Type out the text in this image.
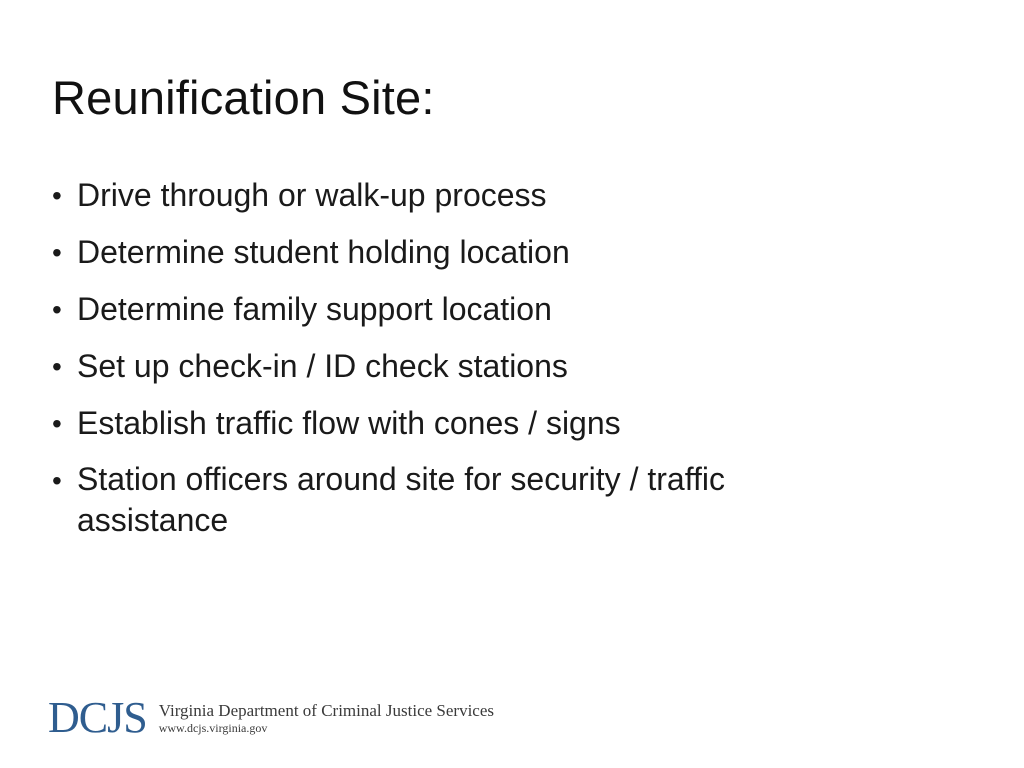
Reunification Site:
• Drive through or walk-up process
• Determine student holding location
• Determine family support location
• Set up check-in / ID check stations
• Establish traffic flow with cones / signs
• Station officers around site for security / traffic assistance
DCJS Virginia Department of Criminal Justice Services
www.dcjs.virginia.gov
